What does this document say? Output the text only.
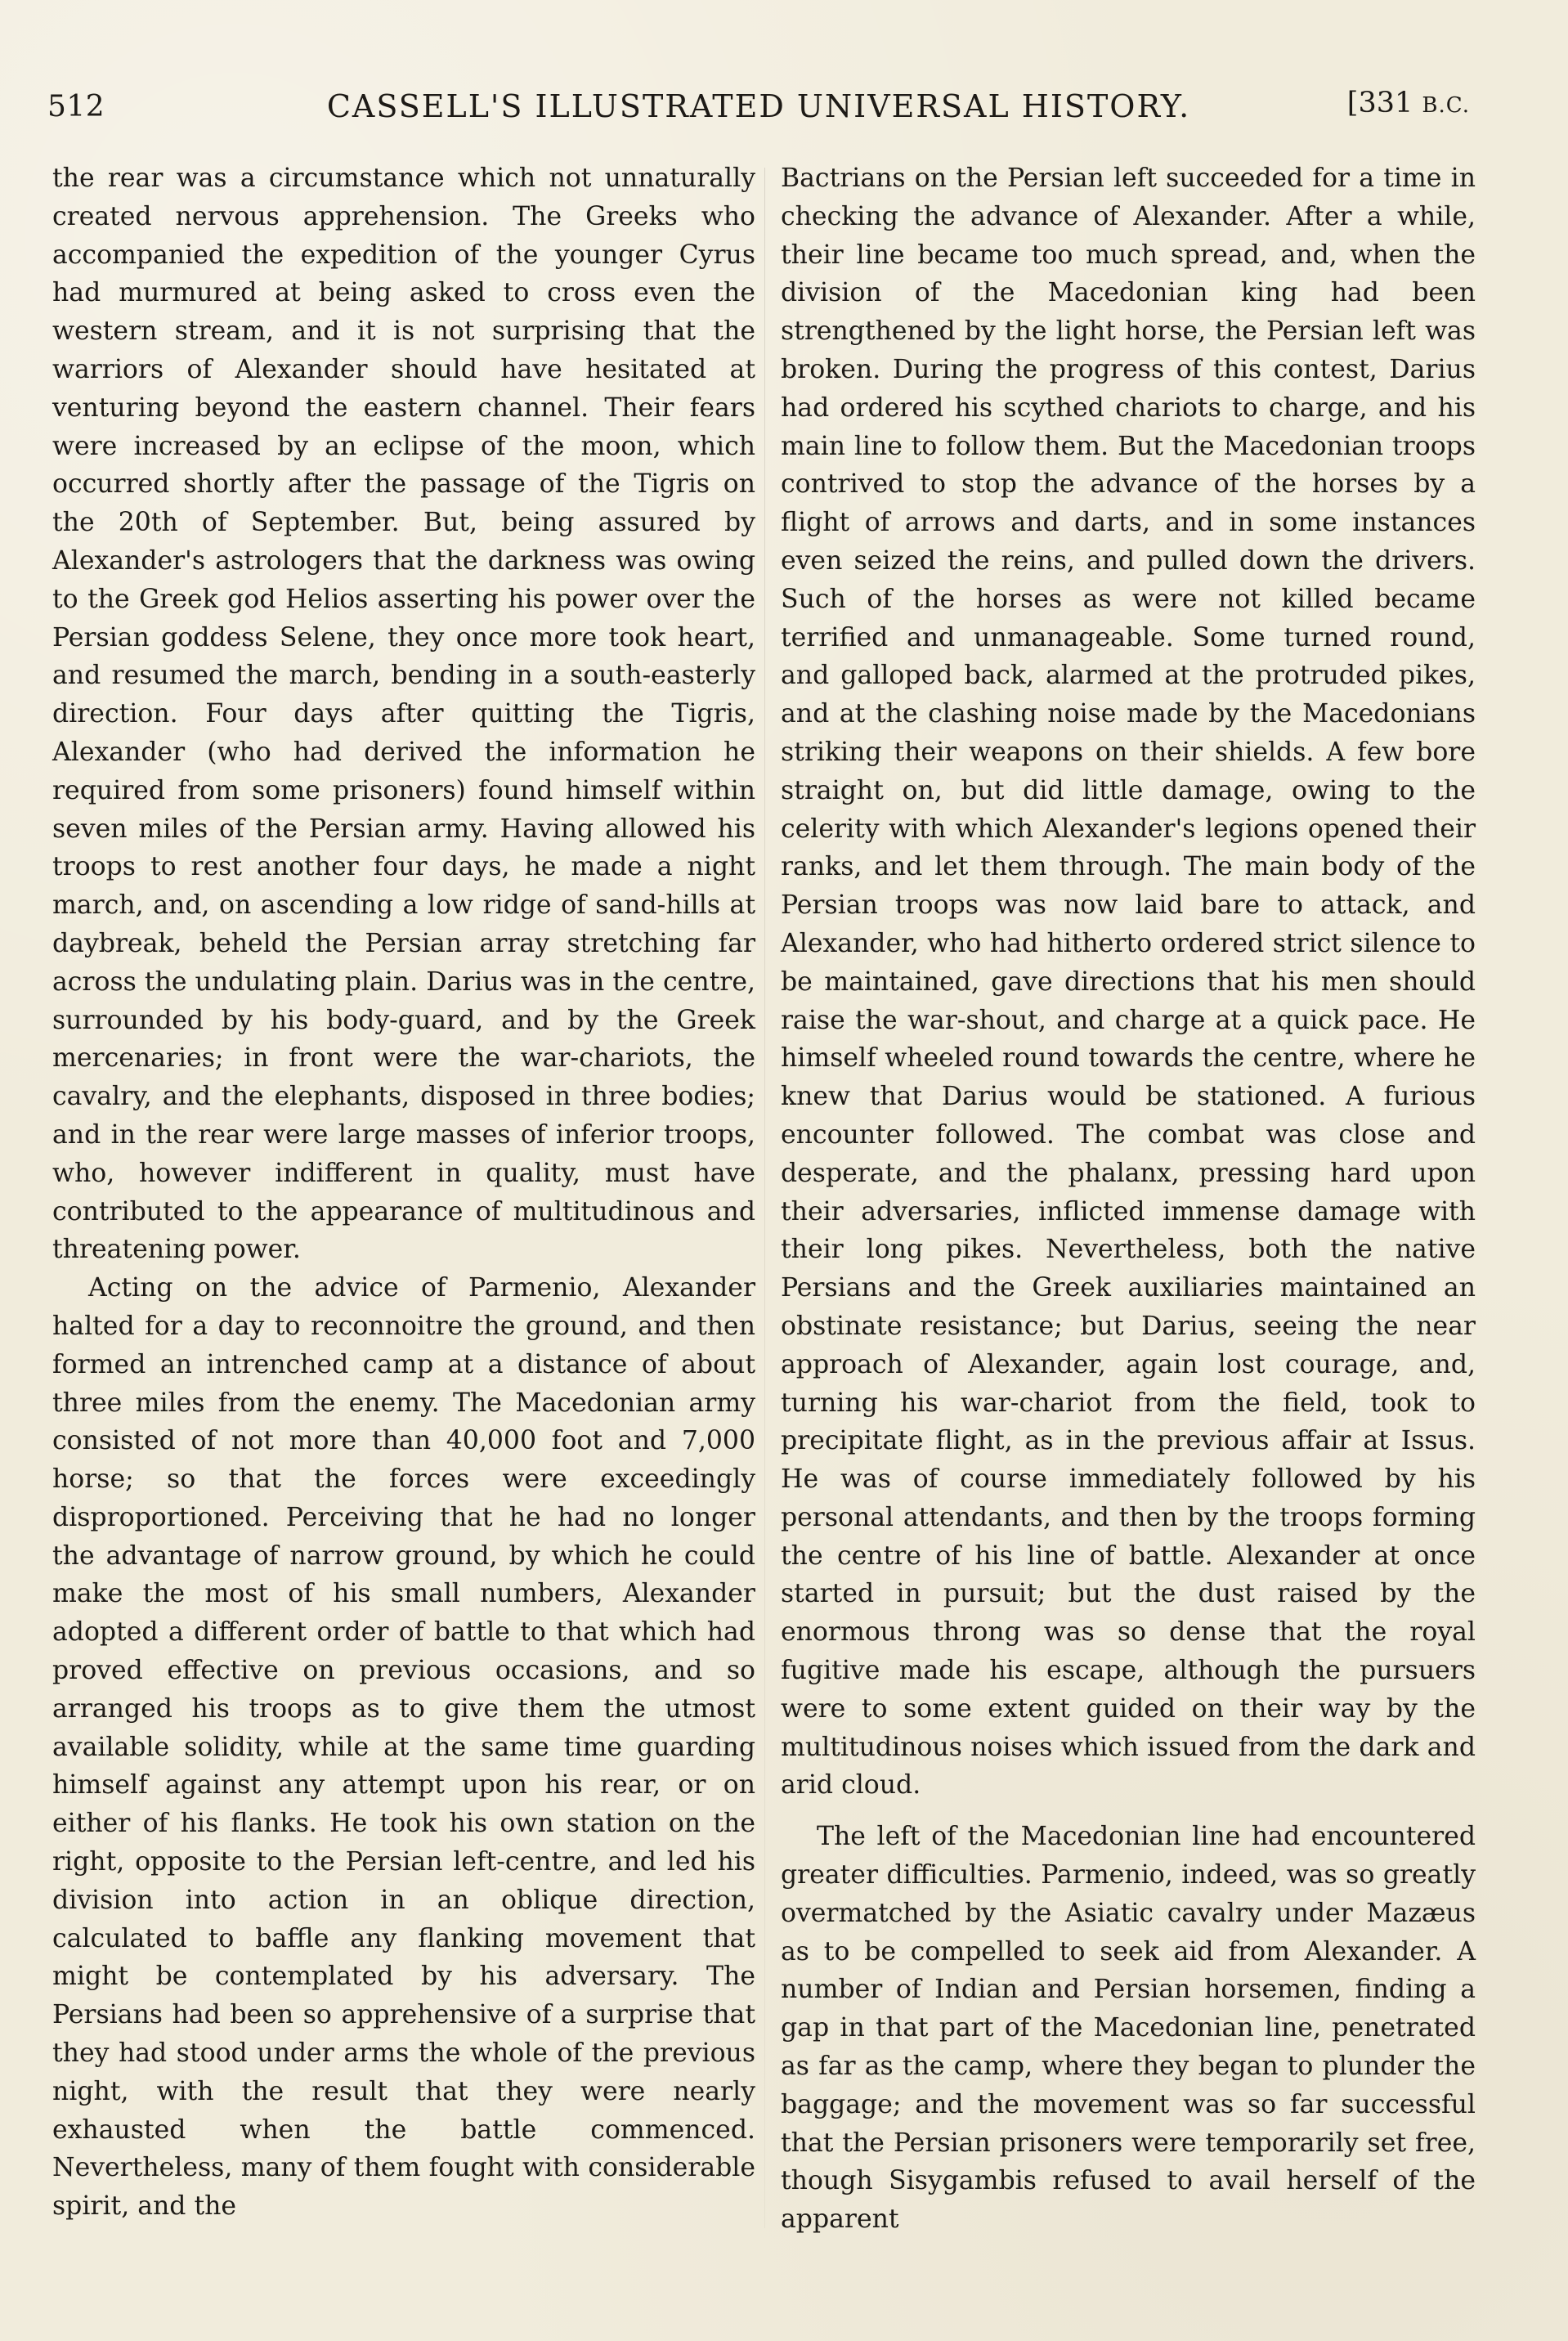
512	CASSELL'S ILLUSTRATED UNIVERSAL HISTORY.	[331 B.C.

the rear was a circumstance which not unnaturally created nervous apprehension. The Greeks who accompanied the expedition of the younger Cyrus had murmured at being asked to cross even the western stream, and it is not surprising that the warriors of Alexander should have hesitated at venturing beyond the eastern channel. Their fears were increased by an eclipse of the moon, which occurred shortly after the passage of the Tigris on the 20th of September. But, being assured by Alexander's astrologers that the darkness was owing to the Greek god Helios asserting his power over the Persian goddess Selene, they once more took heart, and resumed the march, bending in a south-easterly direction. Four days after quitting the Tigris, Alexander (who had derived the information he required from some prisoners) found himself within seven miles of the Persian army. Having allowed his troops to rest another four days, he made a night march, and, on ascending a low ridge of sand-hills at daybreak, beheld the Persian array stretching far across the undulating plain. Darius was in the centre, surrounded by his body-guard, and by the Greek mercenaries; in front were the war-chariots, the cavalry, and the elephants, disposed in three bodies; and in the rear were large masses of inferior troops, who, however indifferent in quality, must have contributed to the appearance of multitudinous and threatening power.

Acting on the advice of Parmenio, Alexander halted for a day to reconnoitre the ground, and then formed an intrenched camp at a distance of about three miles from the enemy. The Macedonian army consisted of not more than 40,000 foot and 7,000 horse; so that the forces were exceedingly disproportioned. Perceiving that he had no longer the advantage of narrow ground, by which he could make the most of his small numbers, Alexander adopted a different order of battle to that which had proved effective on previous occasions, and so arranged his troops as to give them the utmost available solidity, while at the same time guarding himself against any attempt upon his rear, or on either of his flanks. He took his own station on the right, opposite to the Persian left-centre, and led his division into action in an oblique direction, calculated to baffle any flanking movement that might be contemplated by his adversary. The Persians had been so apprehensive of a surprise that they had stood under arms the whole of the previous night, with the result that they were nearly exhausted when the battle commenced. Nevertheless, many of them fought with considerable spirit, and the

Bactrians on the Persian left succeeded for a time in checking the advance of Alexander. After a while, their line became too much spread, and, when the division of the Macedonian king had been strengthened by the light horse, the Persian left was broken. During the progress of this contest, Darius had ordered his scythed chariots to charge, and his main line to follow them. But the Macedonian troops contrived to stop the advance of the horses by a flight of arrows and darts, and in some instances even seized the reins, and pulled down the drivers. Such of the horses as were not killed became terrified and unmanageable. Some turned round, and galloped back, alarmed at the protruded pikes, and at the clashing noise made by the Macedonians striking their weapons on their shields. A few bore straight on, but did little damage, owing to the celerity with which Alexander's legions opened their ranks, and let them through. The main body of the Persian troops was now laid bare to attack, and Alexander, who had hitherto ordered strict silence to be maintained, gave directions that his men should raise the war-shout, and charge at a quick pace. He himself wheeled round towards the centre, where he knew that Darius would be stationed. A furious encounter followed. The combat was close and desperate, and the phalanx, pressing hard upon their adversaries, inflicted immense damage with their long pikes. Nevertheless, both the native Persians and the Greek auxiliaries maintained an obstinate resistance; but Darius, seeing the near approach of Alexander, again lost courage, and, turning his war-chariot from the field, took to precipitate flight, as in the previous affair at Issus. He was of course immediately followed by his personal attendants, and then by the troops forming the centre of his line of battle. Alexander at once started in pursuit; but the dust raised by the enormous throng was so dense that the royal fugitive made his escape, although the pursuers were to some extent guided on their way by the multitudinous noises which issued from the dark and arid cloud.

The left of the Macedonian line had encountered greater difficulties. Parmenio, indeed, was so greatly overmatched by the Asiatic cavalry under Mazæus as to be compelled to seek aid from Alexander. A number of Indian and Persian horsemen, finding a gap in that part of the Macedonian line, penetrated as far as the camp, where they began to plunder the baggage; and the movement was so far successful that the Persian prisoners were temporarily set free, though Sisygambis refused to avail herself of the apparent
